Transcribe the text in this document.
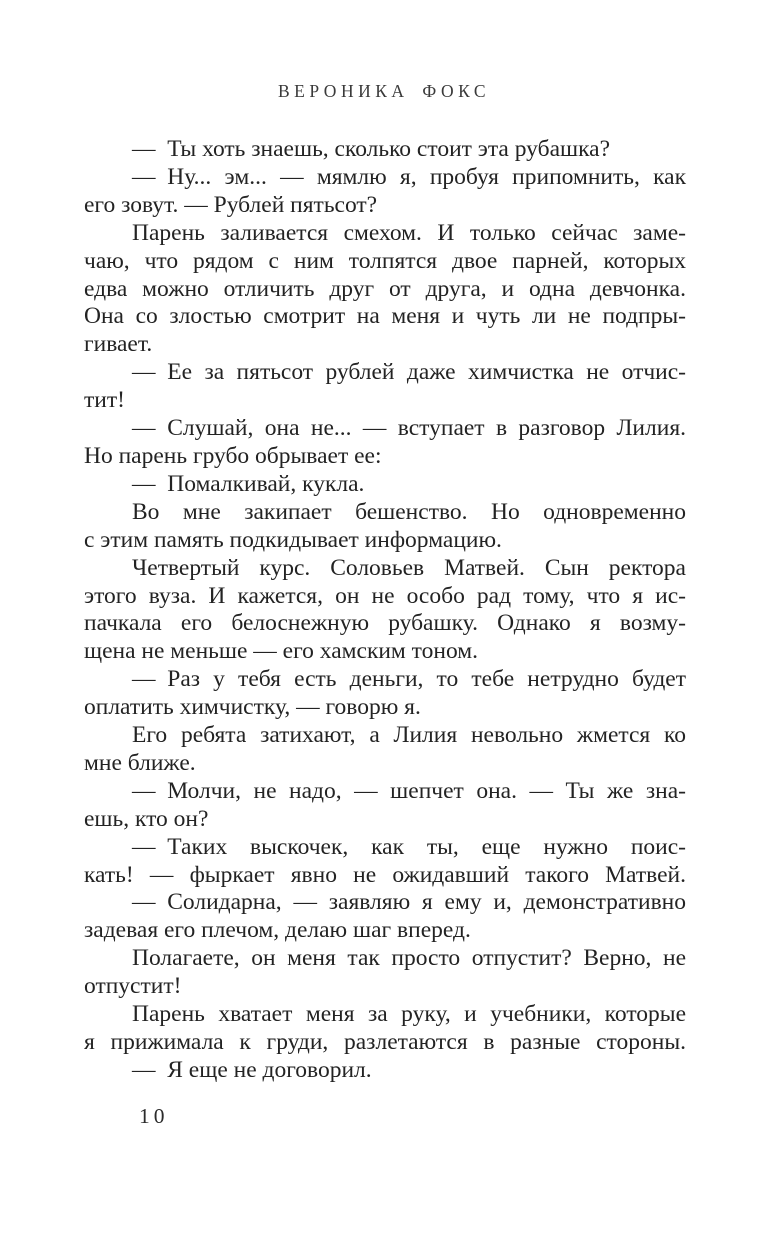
ВЕРОНИКА ФОКС
— Ты хоть знаешь, сколько стоит эта рубашка?
— Ну... эм... — мямлю я, пробуя припомнить, как
его зовут. — Рублей пятьсот?
Парень заливается смехом. И только сейчас заме-
чаю, что рядом с ним толпятся двое парней, которых
едва можно отличить друг от друга, и одна девчонка.
Она со злостью смотрит на меня и чуть ли не подпры-
гивает.
— Ее за пятьсот рублей даже химчистка не отчис-
тит!
— Слушай, она не... — вступает в разговор Лилия.
Но парень грубо обрывает ее:
— Помалкивай, кукла.
Во мне закипает бешенство. Но одновременно
с этим память подкидывает информацию.
Четвертый курс. Соловьев Матвей. Сын ректора
этого вуза. И кажется, он не особо рад тому, что я ис-
пачкала его белоснежную рубашку. Однако я возму-
щена не меньше — его хамским тоном.
— Раз у тебя есть деньги, то тебе нетрудно будет
оплатить химчистку, — говорю я.
Его ребята затихают, а Лилия невольно жмется ко
мне ближе.
— Молчи, не надо, — шепчет она. — Ты же зна-
ешь, кто он?
— Таких выскочек, как ты, еще нужно поис-
кать! — фыркает явно не ожидавший такого Матвей.
— Солидарна, — заявляю я ему и, демонстративно
задевая его плечом, делаю шаг вперед.
Полагаете, он меня так просто отпустит? Верно, не
отпустит!
Парень хватает меня за руку, и учебники, которые
я прижимала к груди, разлетаются в разные стороны.
— Я еще не договорил.
10
